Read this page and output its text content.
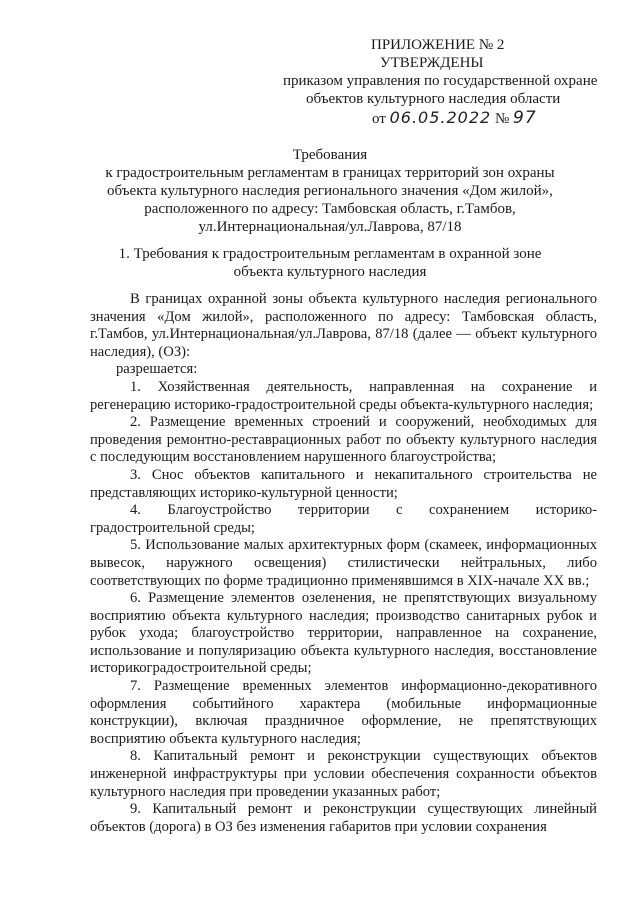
ПРИЛОЖЕНИЕ № 2
УТВЕРЖДЕНЫ
приказом управления по государственной охране
объектов культурного наследия области
от 06.05.2022 № 97
Требования
к градостроительным регламентам в границах территорий зон охраны
объекта культурного наследия регионального значения «Дом жилой»,
расположенного по адресу: Тамбовская область, г.Тамбов,
ул.Интернациональная/ул.Лаврова, 87/18
1. Требования к градостроительным регламентам в охранной зоне
объекта культурного наследия

В границах охранной зоны объекта культурного наследия регионального значения «Дом жилой», расположенного по адресу: Тамбовская область, г.Тамбов, ул.Интернациональная/ул.Лаврова, 87/18 (далее — объект культурного наследия), (ОЗ):

разрешается:

1. Хозяйственная деятельность, направленная на сохранение и регенерацию историко-градостроительной среды объекта-культурного наследия;

2. Размещение временных строений и сооружений, необходимых для проведения ремонтно-реставрационных работ по объекту культурного наследия с последующим восстановлением нарушенного благоустройства;

3. Снос объектов капитального и некапитального строительства не представляющих историко-культурной ценности;

4. Благоустройство территории с сохранением историко-градостроительной среды;

5. Использование малых архитектурных форм (скамеек, информационных вывесок, наружного освещения) стилистически нейтральных, либо соответствующих по форме традиционно применявшимся в XIX-начале XX вв.;

6. Размещение элементов озеленения, не препятствующих визуальному восприятию объекта культурного наследия; производство санитарных рубок и рубок ухода; благоустройство территории, направленное на сохранение, использование и популяризацию объекта культурного наследия, восстановление историкоградостроительной среды;

7. Размещение временных элементов информационно-декоративного оформления событийного характера (мобильные информационные конструкции), включая праздничное оформление, не препятствующих восприятию объекта культурного наследия;

8. Капитальный ремонт и реконструкции существующих объектов инженерной инфраструктуры при условии обеспечения сохранности объектов культурного наследия при проведении указанных работ;

9. Капитальный ремонт и реконструкции существующих линейный объектов (дорога) в ОЗ без изменения габаритов при условии сохранения
